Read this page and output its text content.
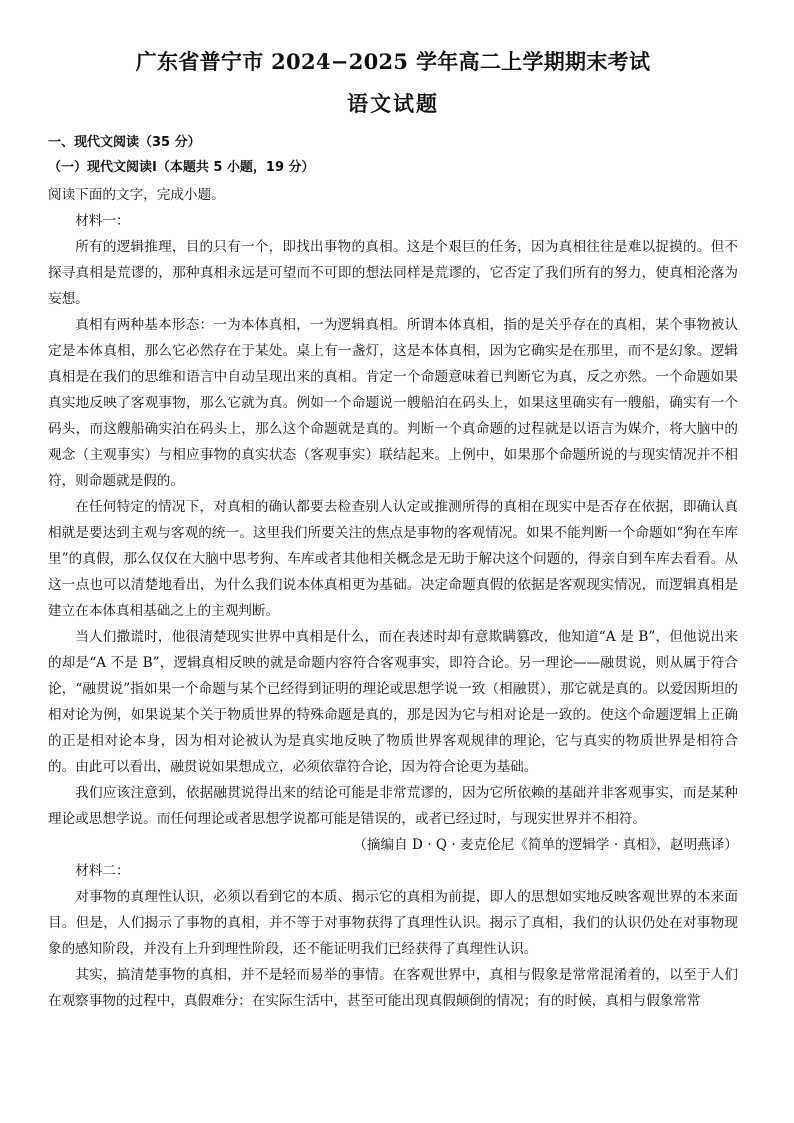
广东省普宁市 2024−2025 学年高二上学期期末考试
语文试题
一、现代文阅读（35 分）
（一）现代文阅读Ⅰ（本题共 5 小题，19 分）

阅读下面的文字，完成小题。

材料一：

所有的逻辑推理，目的只有一个，即找出事物的真相。这是个艰巨的任务，因为真相往往是难以捉摸的。但不探寻真相是荒谬的，那种真相永远是可望而不可即的想法同样是荒谬的，它否定了我们所有的努力，使真相沦落为妄想。

真相有两种基本形态：一为本体真相，一为逻辑真相。所谓本体真相，指的是关乎存在的真相，某个事物被认定是本体真相，那么它必然存在于某处。桌上有一盏灯，这是本体真相，因为它确实是在那里，而不是幻象。逻辑真相是在我们的思维和语言中自动呈现出来的真相。肯定一个命题意味着已判断它为真，反之亦然。一个命题如果真实地反映了客观事物，那么它就为真。例如一个命题说一艘船泊在码头上，如果这里确实有一艘船，确实有一个码头，而这艘船确实泊在码头上，那么这个命题就是真的。判断一个真命题的过程就是以语言为媒介，将大脑中的观念（主观事实）与相应事物的真实状态（客观事实）联结起来。上例中，如果那个命题所说的与现实情况并不相符，则命题就是假的。

在任何特定的情况下，对真相的确认都要去检查别人认定或推测所得的真相在现实中是否存在依据，即确认真相就是要达到主观与客观的统一。这里我们所要关注的焦点是事物的客观情况。如果不能判断一个命题如“狗在车库里”的真假，那么仅仅在大脑中思考狗、车库或者其他相关概念是无助于解决这个问题的，得亲自到车库去看看。从这一点也可以清楚地看出，为什么我们说本体真相更为基础。决定命题真假的依据是客观现实情况，而逻辑真相是建立在本体真相基础之上的主观判断。

当人们撒谎时，他很清楚现实世界中真相是什么，而在表述时却有意欺瞒篡改，他知道“A 是 B”，但他说出来的却是“A 不是 B”，逻辑真相反映的就是命题内容符合客观事实，即符合论。另一理论——融贯说，则从属于符合论，“融贯说”指如果一个命题与某个已经得到证明的理论或思想学说一致（相融贯），那它就是真的。以爱因斯坦的相对论为例，如果说某个关于物质世界的特殊命题是真的，那是因为它与相对论是一致的。使这个命题逻辑上正确的正是相对论本身，因为相对论被认为是真实地反映了物质世界客观规律的理论，它与真实的物质世界是相符合的。由此可以看出，融贯说如果想成立，必须依靠符合论，因为符合论更为基础。

我们应该注意到，依据融贯说得出来的结论可能是非常荒谬的，因为它所依赖的基础并非客观事实，而是某种理论或思想学说。而任何理论或者思想学说都可能是错误的，或者已经过时，与现实世界并不相符。

（摘编自 D · Q · 麦克伦尼《简单的逻辑学 · 真相》，赵明燕译）

材料二：

对事物的真理性认识，必须以看到它的本质、揭示它的真相为前提，即人的思想如实地反映客观世界的本来面目。但是，人们揭示了事物的真相，并不等于对事物获得了真理性认识。揭示了真相，我们的认识仍处在对事物现象的感知阶段，并没有上升到理性阶段，还不能证明我们已经获得了真理性认识。

其实，搞清楚事物的真相，并不是轻而易举的事情。在客观世界中，真相与假象是常常混淆着的，以至于人们在观察事物的过程中，真假难分：在实际生活中，甚至可能出现真假颠倒的情况；有的时候，真相与假象常常
